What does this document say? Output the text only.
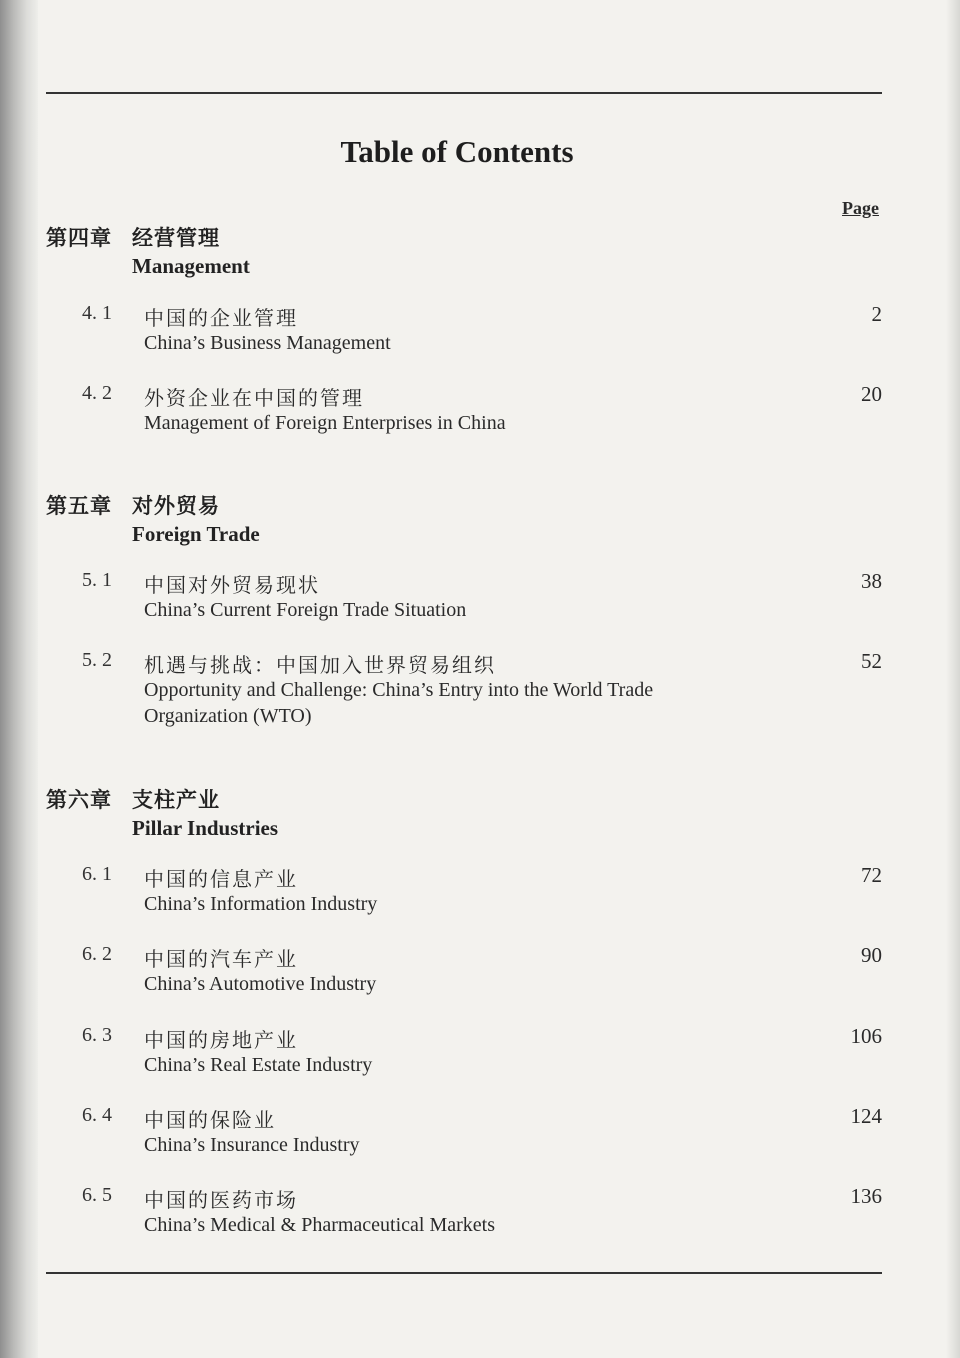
Table of Contents
Page
第四章 经营管理
Management
4. 1 中国的企业管理
China’s Business Management
2
4. 2 外资企业在中国的管理
Management of Foreign Enterprises in China
20
第五章 对外贸易
Foreign Trade
5. 1 中国对外贸易现状
China’s Current Foreign Trade Situation
38
5. 2 机遇与挑战：中国加入世界贸易组织
Opportunity and Challenge: China’s Entry into the World Trade Organization (WTO)
52
第六章 支柱产业
Pillar Industries
6. 1 中国的信息产业
China’s Information Industry
72
6. 2 中国的汽车产业
China’s Automotive Industry
90
6. 3 中国的房地产业
China’s Real Estate Industry
106
6. 4 中国的保险业
China’s Insurance Industry
124
6. 5 中国的医药市场
China’s Medical & Pharmaceutical Markets
136
